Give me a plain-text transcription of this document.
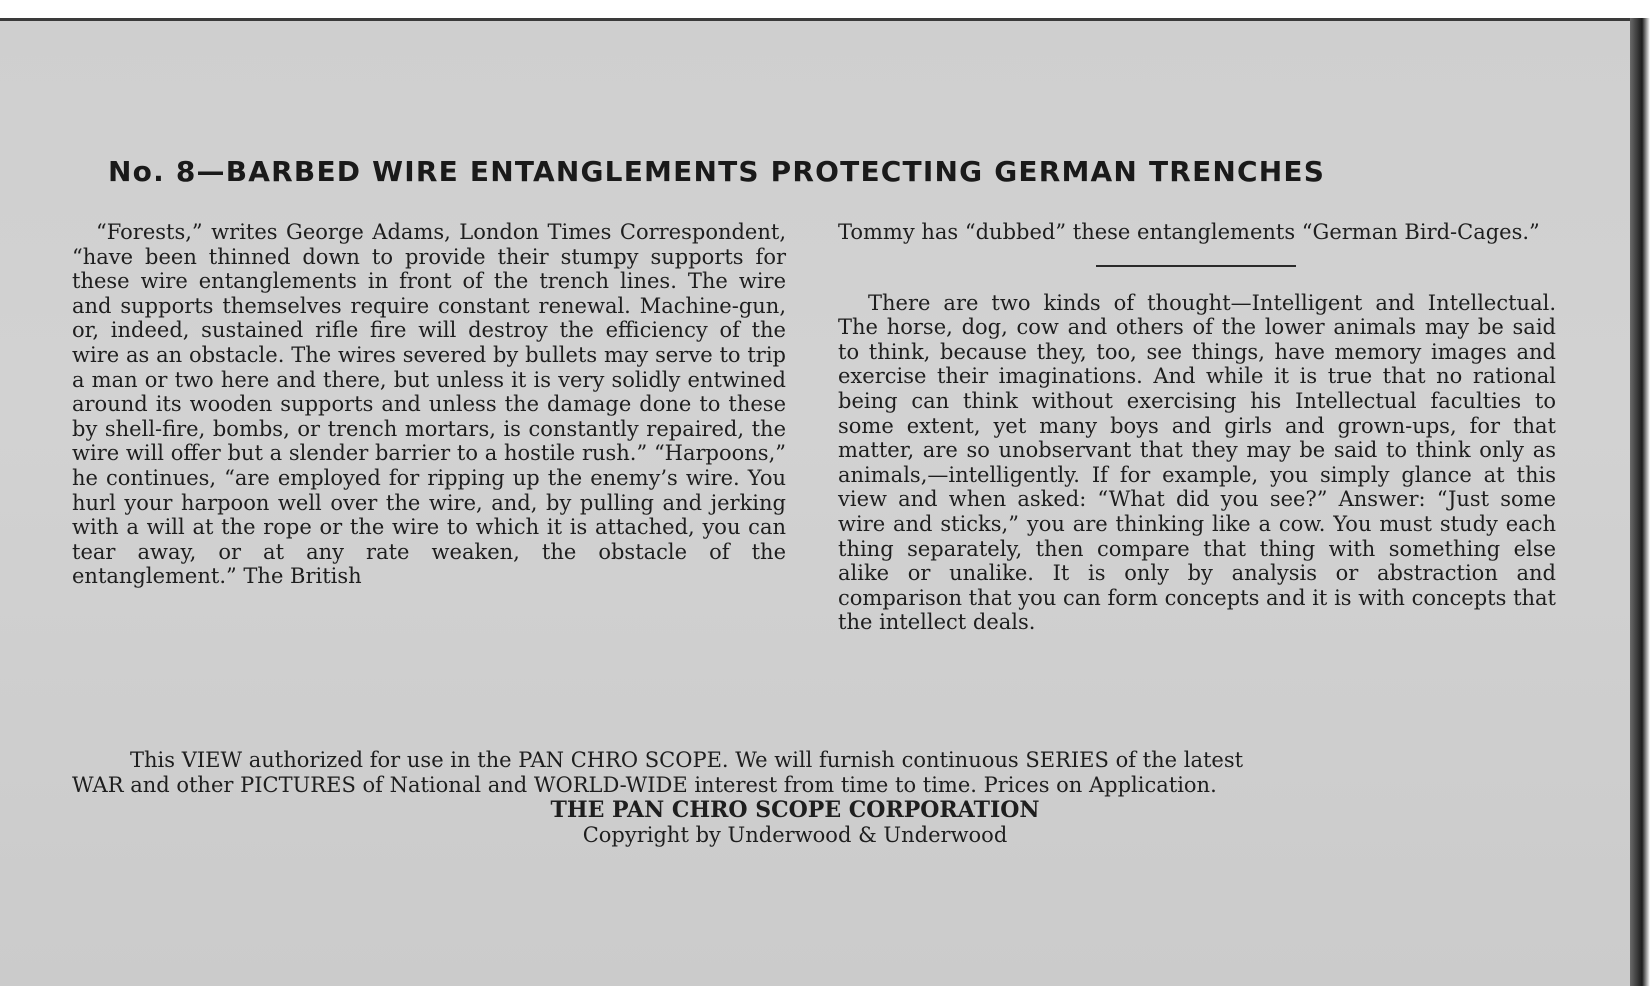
No. 8—BARBED WIRE ENTANGLEMENTS PROTECTING GERMAN TRENCHES

“Forests,” writes George Adams, London Times Correspondent, “have been thinned down to provide their stumpy supports for these wire entanglements in front of the trench lines. The wire and supports themselves require constant renewal. Machine-gun, or, indeed, sustained rifle fire will destroy the efficiency of the wire as an obstacle. The wires severed by bullets may serve to trip a man or two here and there, but unless it is very solidly entwined around its wooden supports and unless the damage done to these by shell-fire, bombs, or trench mortars, is constantly repaired, the wire will offer but a slender barrier to a hostile rush.” “Harpoons,” he continues, “are employed for ripping up the enemy’s wire. You hurl your harpoon well over the wire, and, by pulling and jerking with a will at the rope or the wire to which it is attached, you can tear away, or at any rate weaken, the obstacle of the entanglement.” The British

Tommy has “dubbed” these entanglements “German Bird-Cages.”

There are two kinds of thought—Intelligent and Intellectual. The horse, dog, cow and others of the lower animals may be said to think, because they, too, see things, have memory images and exercise their imaginations. And while it is true that no rational being can think without exercising his Intellectual faculties to some extent, yet many boys and girls and grown-ups, for that matter, are so unobservant that they may be said to think only as animals,—intelligently. If for example, you simply glance at this view and when asked: “What did you see?” Answer: “Just some wire and sticks,” you are thinking like a cow. You must study each thing separately, then compare that thing with something else alike or unalike. It is only by analysis or abstraction and comparison that you can form concepts and it is with concepts that the intellect deals.

This VIEW authorized for use in the PAN CHRO SCOPE. We will furnish continuous SERIES of the latest

WAR and other PICTURES of National and WORLD-WIDE interest from time to time. Prices on Application.

THE PAN CHRO SCOPE CORPORATION

Copyright by Underwood & Underwood
